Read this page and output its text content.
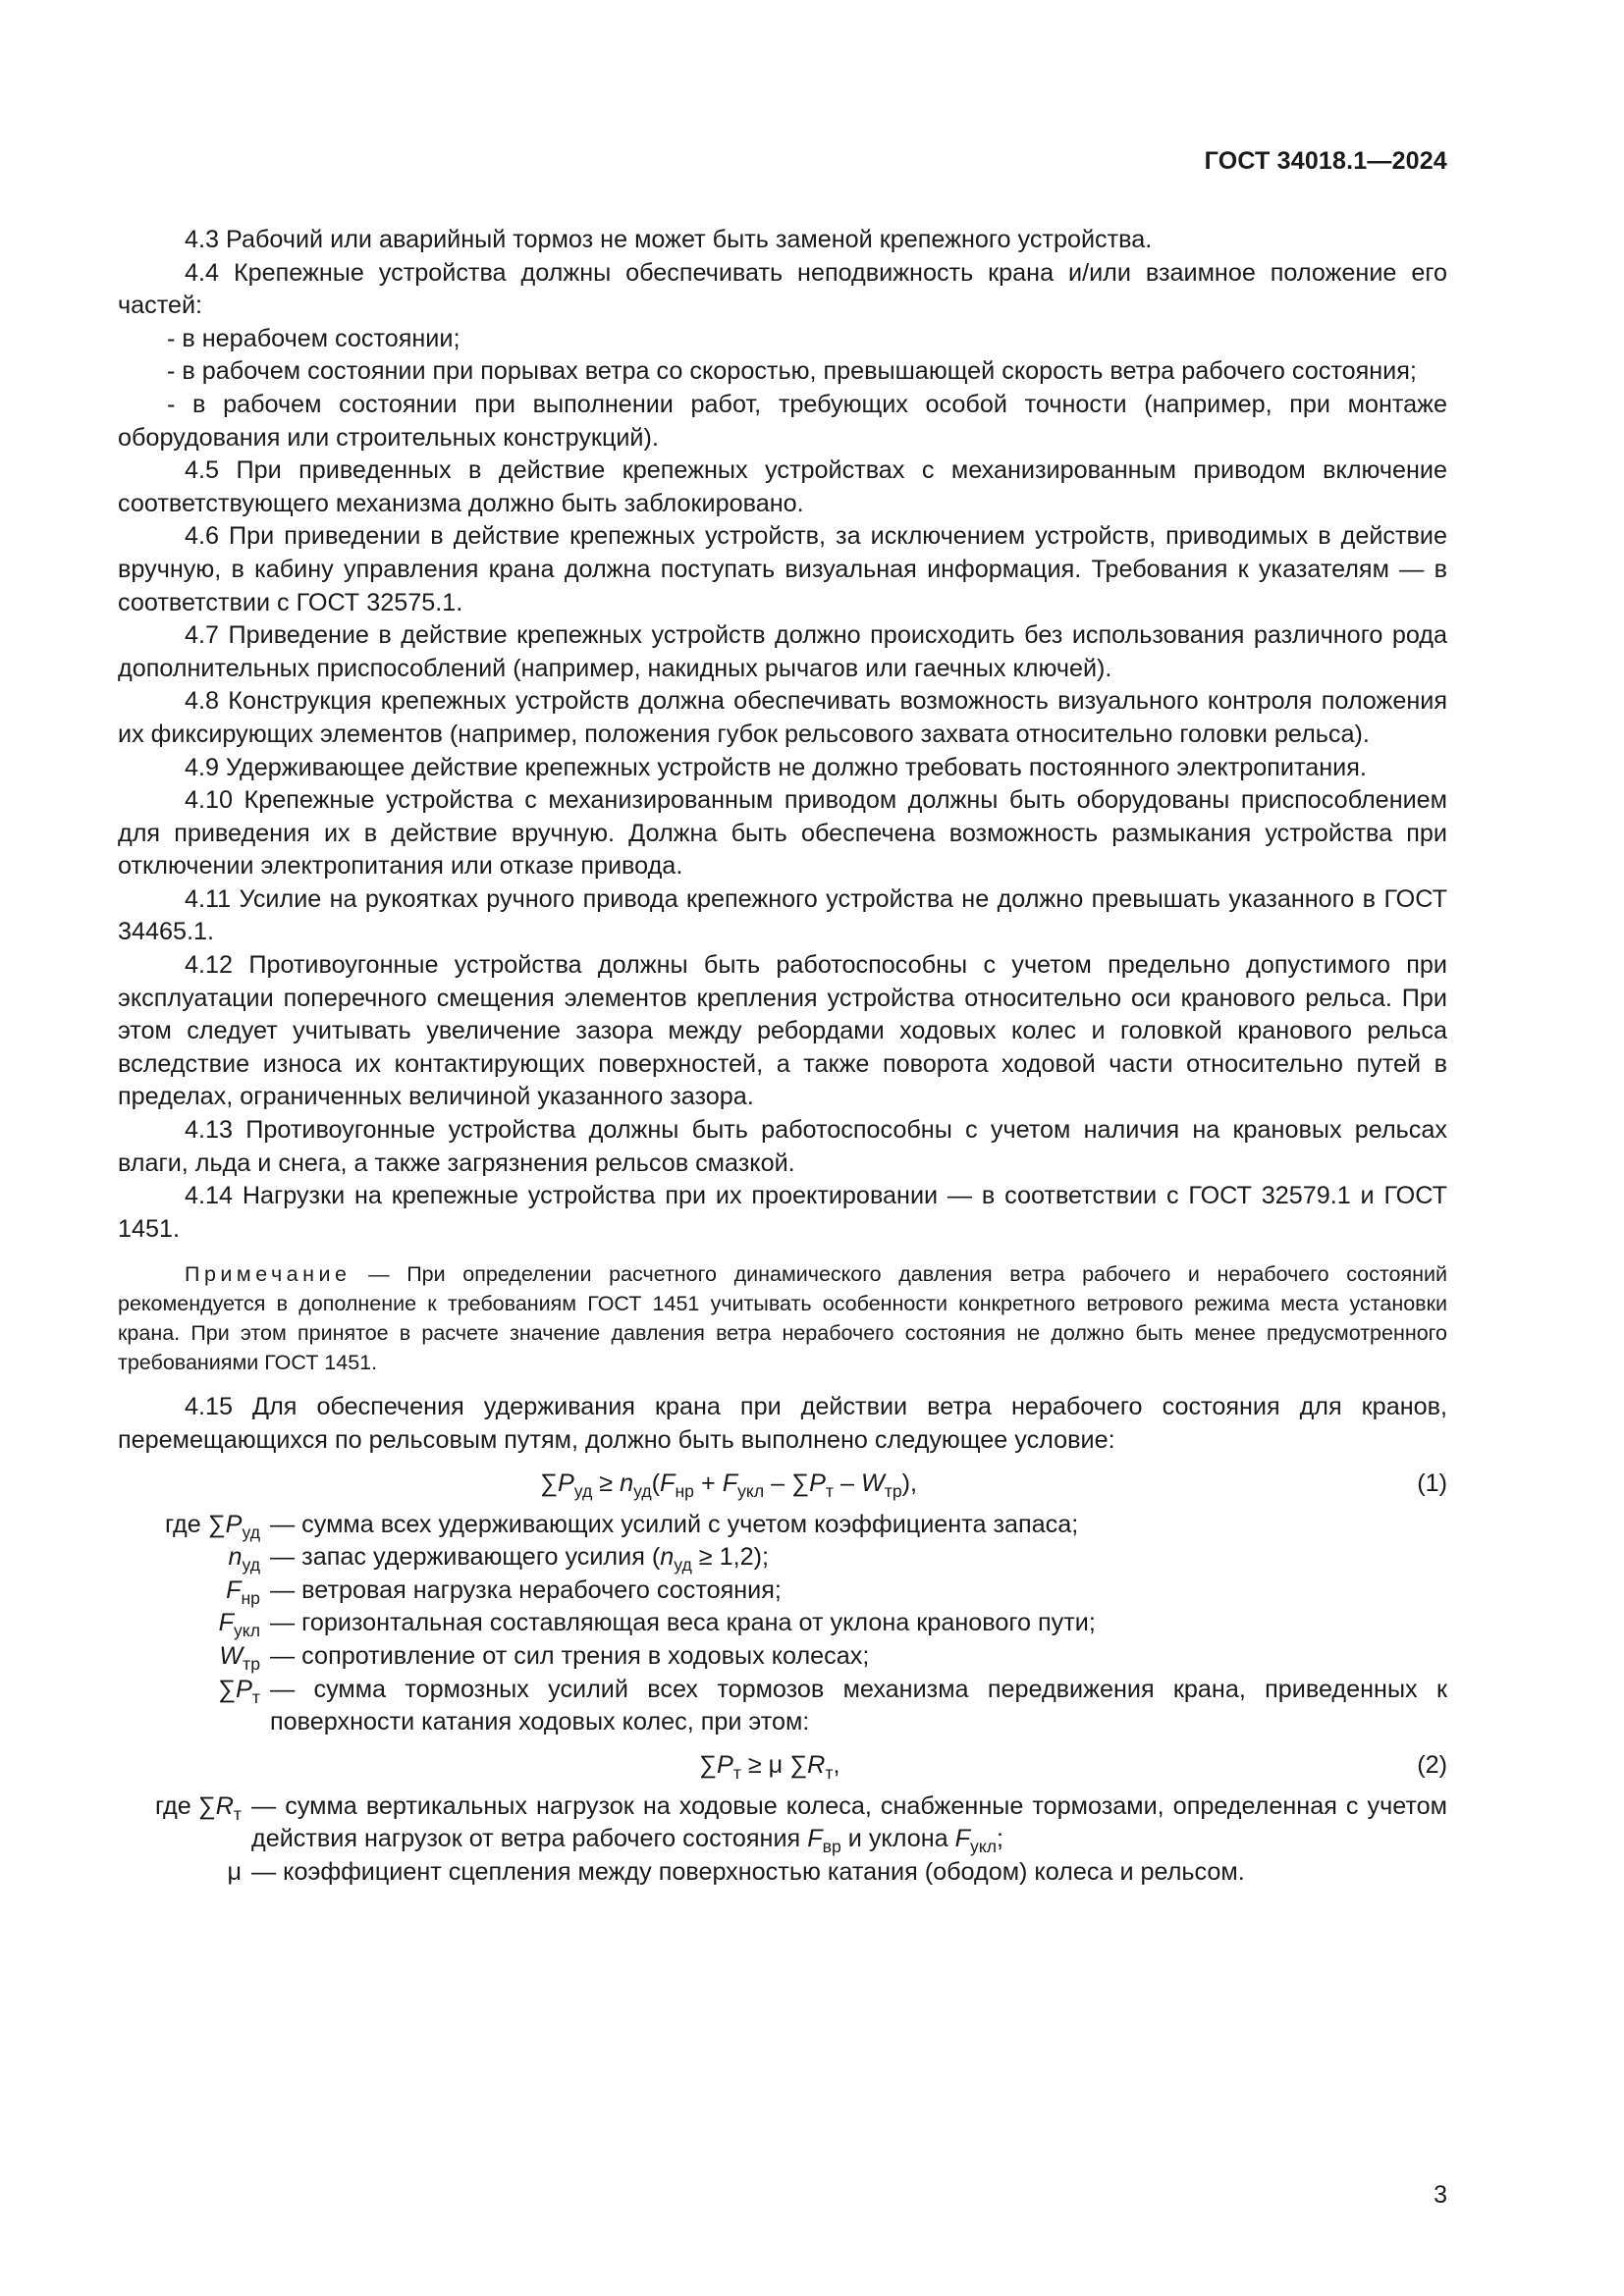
ГОСТ 34018.1—2024

4.3 Рабочий или аварийный тормоз не может быть заменой крепежного устройства.

4.4 Крепежные устройства должны обеспечивать неподвижность крана и/или взаимное положение его частей:

- в нерабочем состоянии;

- в рабочем состоянии при порывах ветра со скоростью, превышающей скорость ветра рабочего состояния;

- в рабочем состоянии при выполнении работ, требующих особой точности (например, при монтаже оборудования или строительных конструкций).

4.5 При приведенных в действие крепежных устройствах с механизированным приводом включение соответствующего механизма должно быть заблокировано.

4.6 При приведении в действие крепежных устройств, за исключением устройств, приводимых в действие вручную, в кабину управления крана должна поступать визуальная информация. Требования к указателям — в соответствии с ГОСТ 32575.1.

4.7 Приведение в действие крепежных устройств должно происходить без использования различного рода дополнительных приспособлений (например, накидных рычагов или гаечных ключей).

4.8 Конструкция крепежных устройств должна обеспечивать возможность визуального контроля положения их фиксирующих элементов (например, положения губок рельсового захвата относительно головки рельса).

4.9 Удерживающее действие крепежных устройств не должно требовать постоянного электропитания.

4.10 Крепежные устройства с механизированным приводом должны быть оборудованы приспособлением для приведения их в действие вручную. Должна быть обеспечена возможность размыкания устройства при отключении электропитания или отказе привода.

4.11 Усилие на рукоятках ручного привода крепежного устройства не должно превышать указанного в ГОСТ 34465.1.

4.12 Противоугонные устройства должны быть работоспособны с учетом предельно допустимого при эксплуатации поперечного смещения элементов крепления устройства относительно оси кранового рельса. При этом следует учитывать увеличение зазора между ребордами ходовых колес и головкой кранового рельса вследствие износа их контактирующих поверхностей, а также поворота ходовой части относительно путей в пределах, ограниченных величиной указанного зазора.

4.13 Противоугонные устройства должны быть работоспособны с учетом наличия на крановых рельсах влаги, льда и снега, а также загрязнения рельсов смазкой.

4.14 Нагрузки на крепежные устройства при их проектировании — в соответствии с ГОСТ 32579.1 и ГОСТ 1451.

Примечание — При определении расчетного динамического давления ветра рабочего и нерабочего состояний рекомендуется в дополнение к требованиям ГОСТ 1451 учитывать особенности конкретного ветрового режима места установки крана. При этом принятое в расчете значение давления ветра нерабочего состояния не должно быть менее предусмотренного требованиями ГОСТ 1451.

4.15 Для обеспечения удерживания крана при действии ветра нерабочего состояния для кранов, перемещающихся по рельсовым путям, должно быть выполнено следующее условие:

$\sum P_{уд} \ge n_{уд}(F_{нр} + F_{укл} - \sum P_т - W_{тр})$,	(1)
где $\sum P_{уд}$ — сумма всех удерживающих усилий с учетом коэффициента запаса;
$n_{уд}$ — запас удерживающего усилия $(n_{уд} \ge 1,2)$;
$F_{нр}$ — ветровая нагрузка нерабочего состояния;
$F_{укл}$ — горизонтальная составляющая веса крана от уклона кранового пути;
$W_{тр}$ — сопротивление от сил трения в ходовых колесах;
$\sum P_т$ — сумма тормозных усилий всех тормозов механизма передвижения крана, приведенных к поверхности катания ходовых колес, при этом:
$\sum P_т \ge \mu$ $\sum R_т$,	(2)
где $\sum R_т$ — сумма вертикальных нагрузок на ходовые колеса, снабженные тормозами, определенная с учетом действия нагрузок от ветра рабочего состояния $F_{вр}$ и уклона $F_{укл}$;
μ — коэффициент сцепления между поверхностью катания (ободом) колеса и рельсом.
3
